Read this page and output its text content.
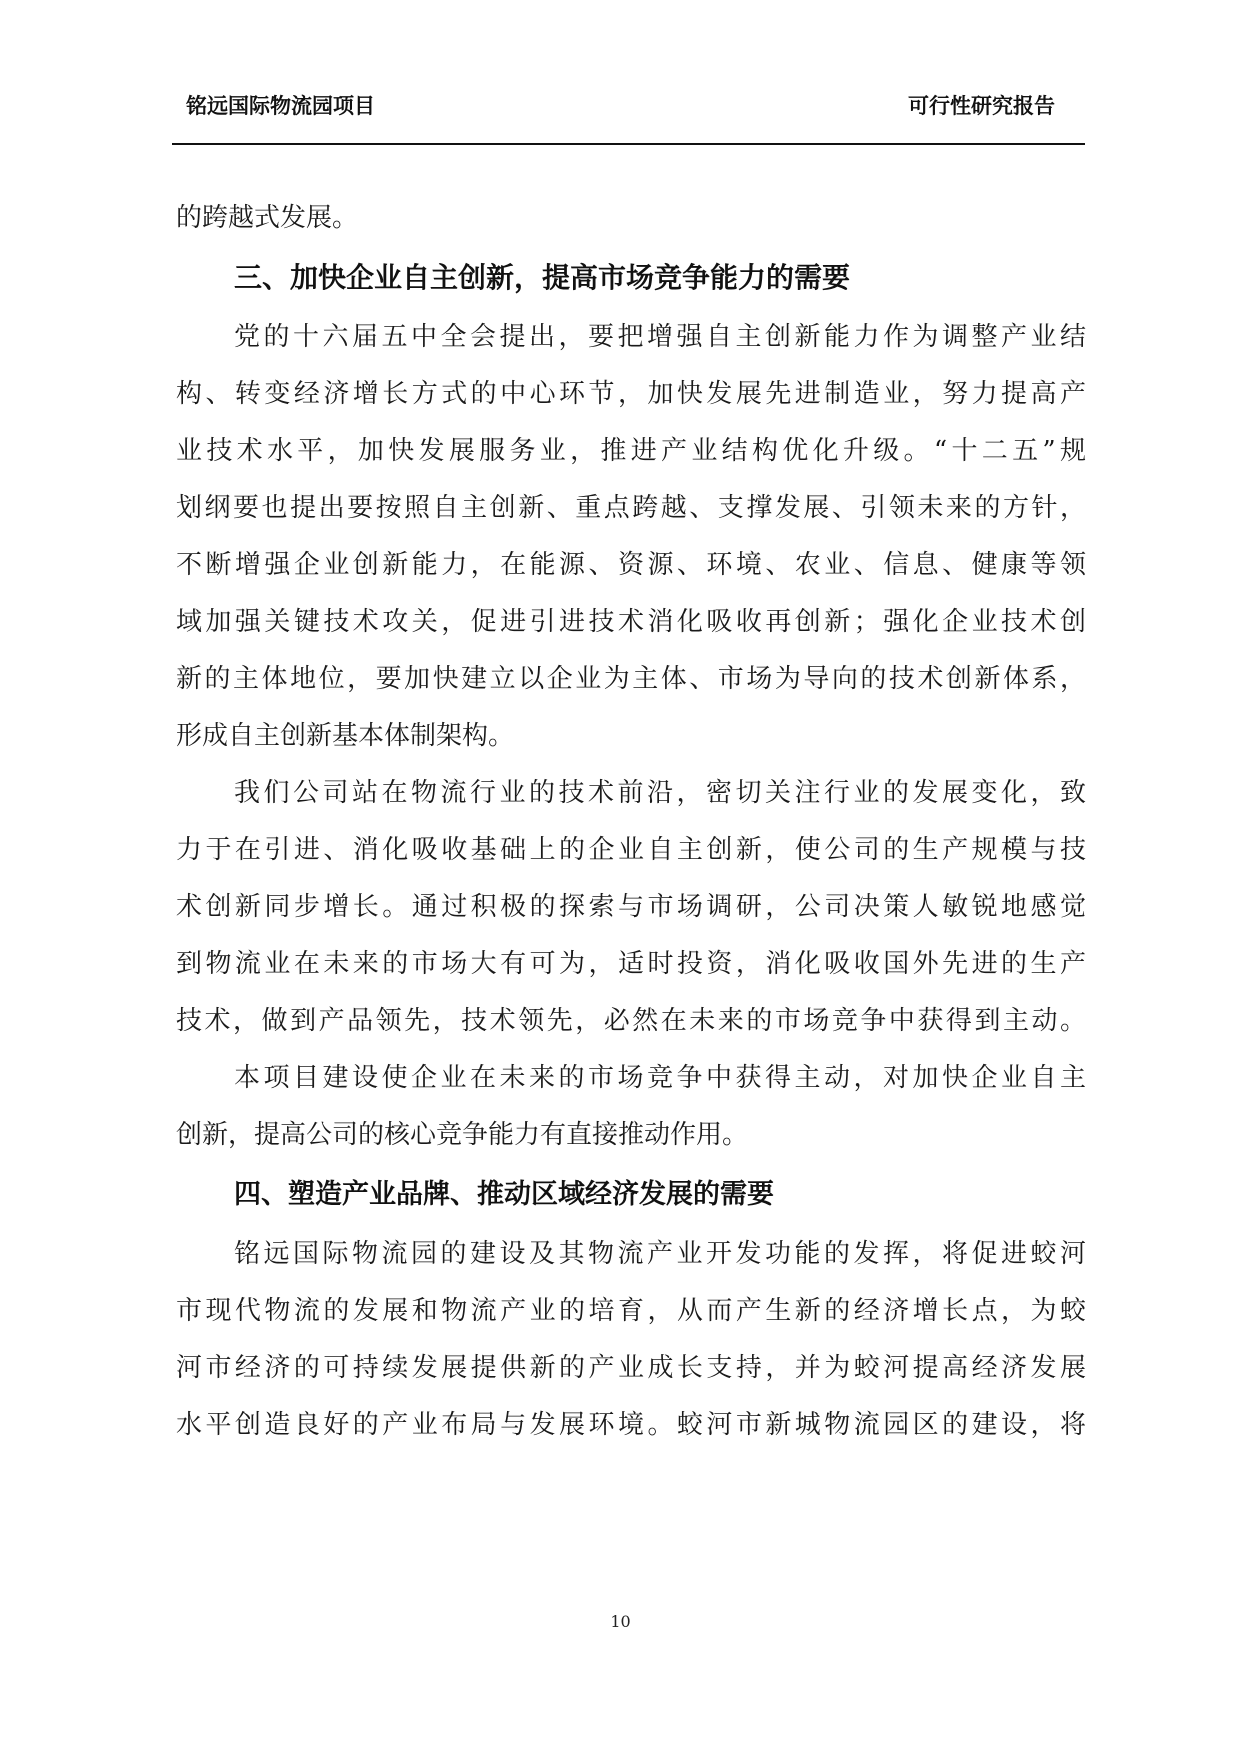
铭远国际物流园项目	可行性研究报告
的跨越式发展。
三、加快企业自主创新，提高市场竞争能力的需要
党的十六届五中全会提出，要把增强自主创新能力作为调整产业结
构、转变经济增长方式的中心环节，加快发展先进制造业，努力提高产
业技术水平，加快发展服务业，推进产业结构优化升级。“十二五”规
划纲要也提出要按照自主创新、重点跨越、支撑发展、引领未来的方针，
不断增强企业创新能力，在能源、资源、环境、农业、信息、健康等领
域加强关键技术攻关，促进引进技术消化吸收再创新；强化企业技术创
新的主体地位，要加快建立以企业为主体、市场为导向的技术创新体系，
形成自主创新基本体制架构。
我们公司站在物流行业的技术前沿，密切关注行业的发展变化，致
力于在引进、消化吸收基础上的企业自主创新，使公司的生产规模与技
术创新同步增长。通过积极的探索与市场调研，公司决策人敏锐地感觉
到物流业在未来的市场大有可为，适时投资，消化吸收国外先进的生产
技术，做到产品领先，技术领先，必然在未来的市场竞争中获得到主动。
本项目建设使企业在未来的市场竞争中获得主动，对加快企业自主
创新，提高公司的核心竞争能力有直接推动作用。
四、塑造产业品牌、推动区域经济发展的需要
铭远国际物流园的建设及其物流产业开发功能的发挥，将促进蛟河
市现代物流的发展和物流产业的培育，从而产生新的经济增长点，为蛟
河市经济的可持续发展提供新的产业成长支持，并为蛟河提高经济发展
水平创造良好的产业布局与发展环境。蛟河市新城物流园区的建设，将
10
